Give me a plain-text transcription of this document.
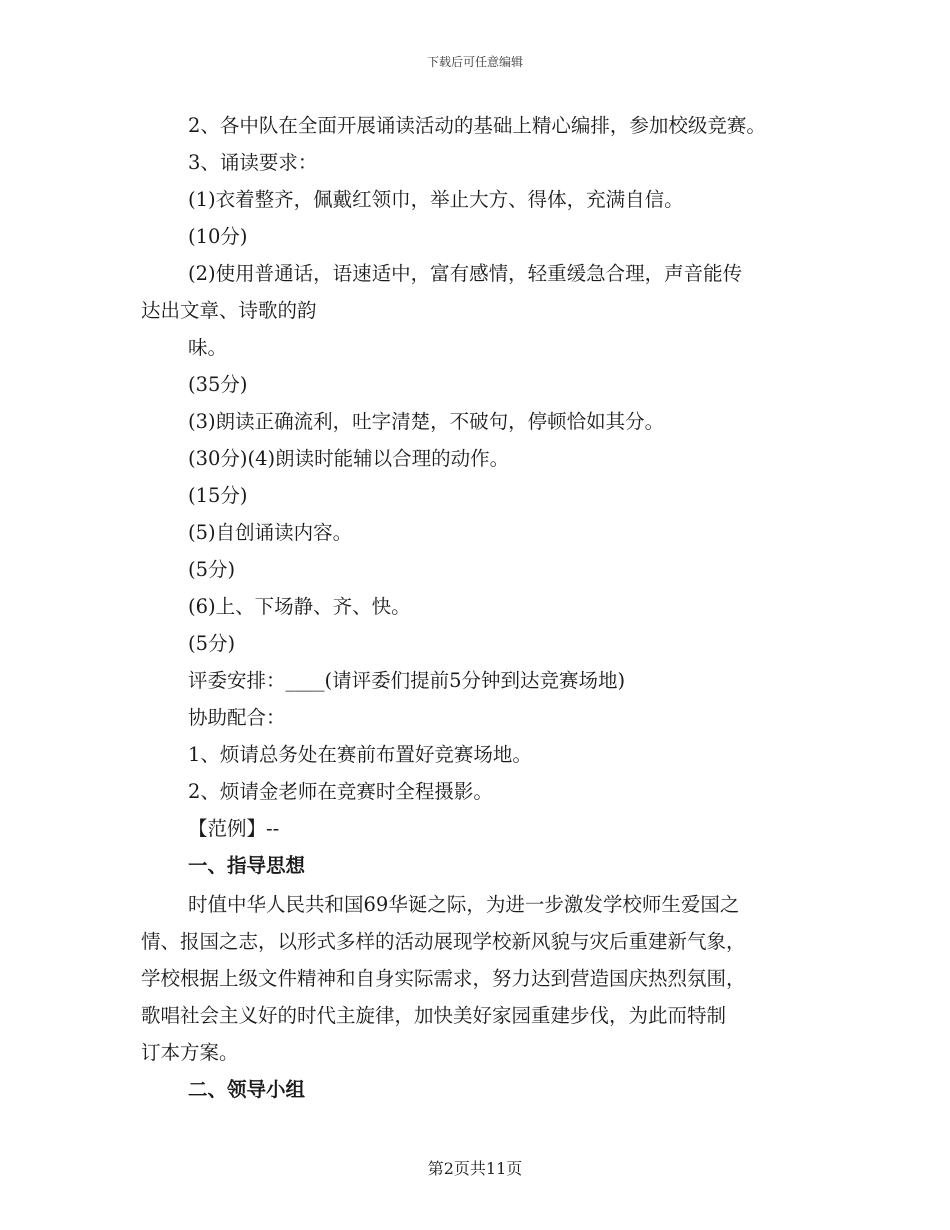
下载后可任意编辑
2、各中队在全面开展诵读活动的基础上精心编排，参加校级竞赛。
3、诵读要求：
(1)衣着整齐，佩戴红领巾，举止大方、得体，充满自信。
(10分)
(2)使用普通话，语速适中，富有感情，轻重缓急合理，声音能传
达出文章、诗歌的韵
味。
(35分)
(3)朗读正确流利，吐字清楚，不破句，停顿恰如其分。
(30分)(4)朗读时能辅以合理的动作。
(15分)
(5)自创诵读内容。
(5分)
(6)上、下场静、齐、快。
(5分)
评委安排：____(请评委们提前5分钟到达竞赛场地)
协助配合：
1、烦请总务处在赛前布置好竞赛场地。
2、烦请金老师在竞赛时全程摄影。
【范例】--
一、指导思想
时值中华人民共和国69华诞之际，为进一步激发学校师生爱国之
情、报国之志，以形式多样的活动展现学校新风貌与灾后重建新气象，
学校根据上级文件精神和自身实际需求，努力达到营造国庆热烈氛围，
歌唱社会主义好的时代主旋律，加快美好家园重建步伐，为此而特制
订本方案。
二、领导小组
第2页共11页
